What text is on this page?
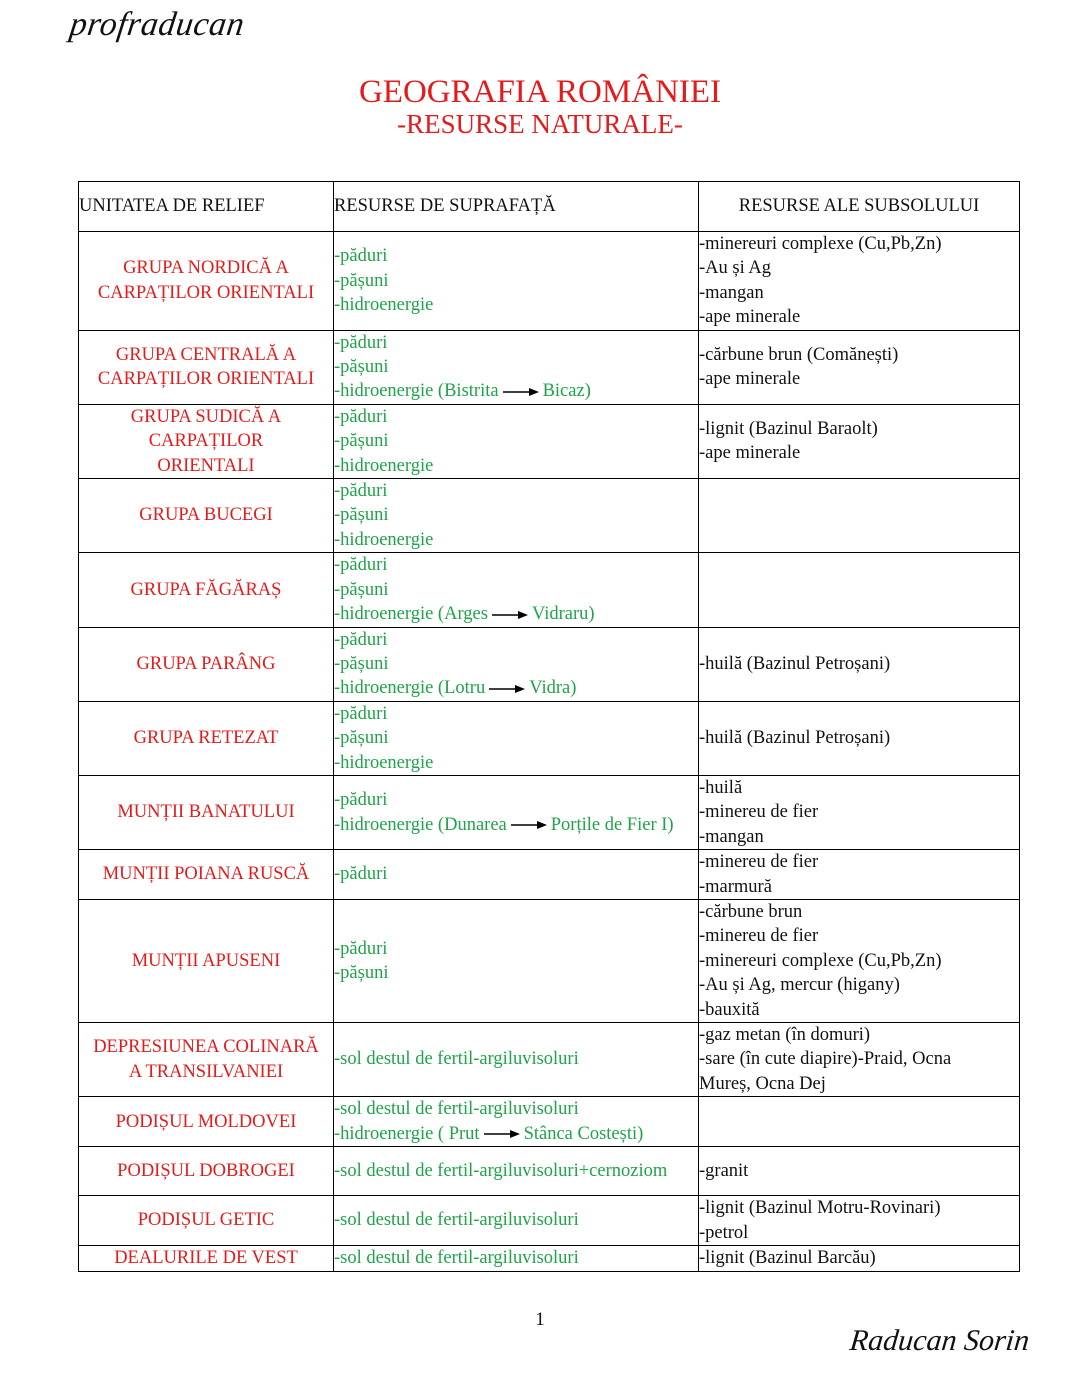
profraducan
GEOGRAFIA ROMÂNIEI
-RESURSE NATURALE-
UNITATEA DE RELIEF	RESURSE DE SUPRAFAȚĂ	RESURSE ALE SUBSOLULUI

GRUPA NORDICĂ A
CARPAȚILOR ORIENTALI	-păduri
-pășuni
-hidroenergie	-minereuri complexe (Cu,Pb,Zn)
-Au și Ag
-mangan
-ape minerale

GRUPA CENTRALĂ A
CARPAȚILOR ORIENTALI	-păduri
-pășuni
-hidroenergie (Bistrita Bicaz)	-cărbune brun (Comănești)
-ape minerale

GRUPA SUDICĂ A
CARPAȚILOR
ORIENTALI	-păduri
-pășuni
-hidroenergie	-lignit (Bazinul Baraolt)
-ape minerale

GRUPA BUCEGI	-păduri
-pășuni
-hidroenergie	

GRUPA FĂGĂRAȘ	-păduri
-pășuni
-hidroenergie (Arges Vidraru)	

GRUPA PARÂNG	-păduri
-pășuni
-hidroenergie (Lotru Vidra)	-huilă (Bazinul Petroșani)

GRUPA RETEZAT	-păduri
-pășuni
-hidroenergie	-huilă (Bazinul Petroșani)

MUNȚII BANATULUI	-păduri
-hidroenergie (Dunarea Porțile de Fier I)	-huilă
-minereu de fier
-mangan

MUNȚII POIANA RUSCĂ	-păduri	-minereu de fier
-marmură

MUNȚII APUSENI	-păduri
-pășuni	-cărbune brun
-minereu de fier
-minereuri complexe (Cu,Pb,Zn)
-Au și Ag, mercur (higany)
-bauxită

DEPRESIUNEA COLINARĂ
A TRANSILVANIEI	-sol destul de fertil-argiluvisoluri	-gaz metan (în domuri)
-sare (în cute diapire)-Praid, Ocna
Mureș, Ocna Dej

PODIȘUL MOLDOVEI	-sol destul de fertil-argiluvisoluri
-hidroenergie ( Prut Stânca Costești)	

PODIȘUL DOBROGEI	-sol destul de fertil-argiluvisoluri+cernoziom	-granit

PODIȘUL GETIC	-sol destul de fertil-argiluvisoluri	-lignit (Bazinul Motru-Rovinari)
-petrol

DEALURILE DE VEST	-sol destul de fertil-argiluvisoluri	-lignit (Bazinul Barcău)
1
Raducan Sorin
